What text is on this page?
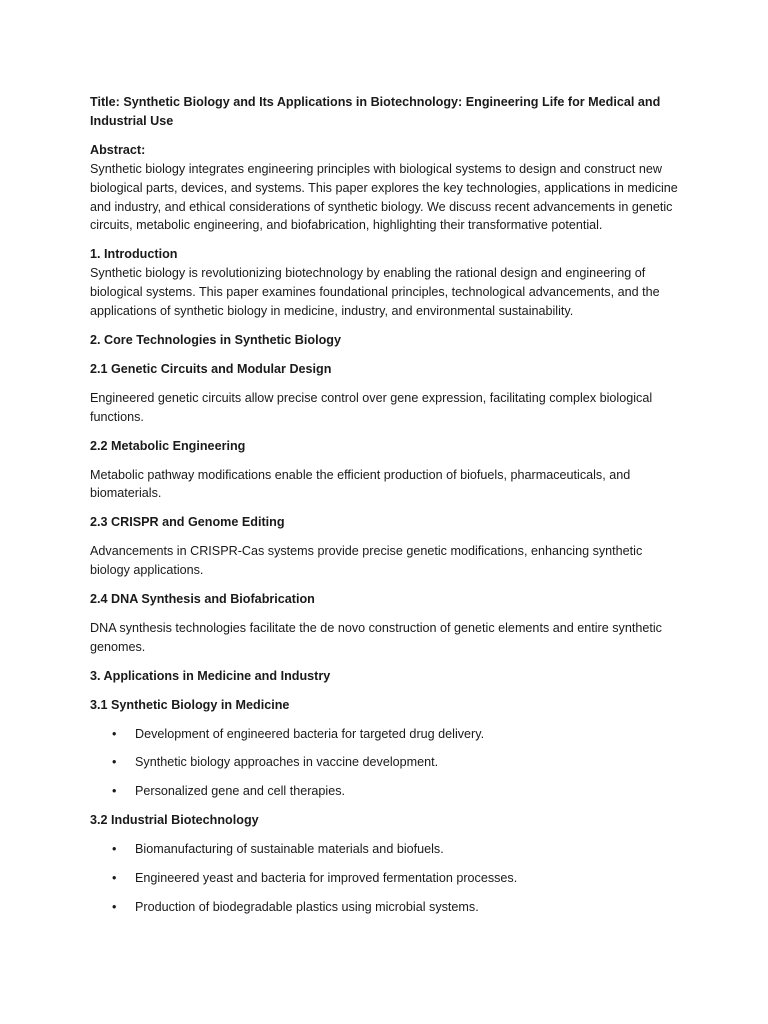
Title: Synthetic Biology and Its Applications in Biotechnology: Engineering Life for Medical and Industrial Use

Abstract:

Synthetic biology integrates engineering principles with biological systems to design and construct new biological parts, devices, and systems. This paper explores the key technologies, applications in medicine and industry, and ethical considerations of synthetic biology. We discuss recent advancements in genetic circuits, metabolic engineering, and biofabrication, highlighting their transformative potential.

1. Introduction

Synthetic biology is revolutionizing biotechnology by enabling the rational design and engineering of biological systems. This paper examines foundational principles, technological advancements, and the applications of synthetic biology in medicine, industry, and environmental sustainability.

2. Core Technologies in Synthetic Biology

2.1 Genetic Circuits and Modular Design

Engineered genetic circuits allow precise control over gene expression, facilitating complex biological functions.

2.2 Metabolic Engineering

Metabolic pathway modifications enable the efficient production of biofuels, pharmaceuticals, and biomaterials.

2.3 CRISPR and Genome Editing

Advancements in CRISPR-Cas systems provide precise genetic modifications, enhancing synthetic biology applications.

2.4 DNA Synthesis and Biofabrication

DNA synthesis technologies facilitate the de novo construction of genetic elements and entire synthetic genomes.

3. Applications in Medicine and Industry

3.1 Synthetic Biology in Medicine

• Development of engineered bacteria for targeted drug delivery.
• Synthetic biology approaches in vaccine development.
• Personalized gene and cell therapies.

3.2 Industrial Biotechnology

• Biomanufacturing of sustainable materials and biofuels.
• Engineered yeast and bacteria for improved fermentation processes.
• Production of biodegradable plastics using microbial systems.
